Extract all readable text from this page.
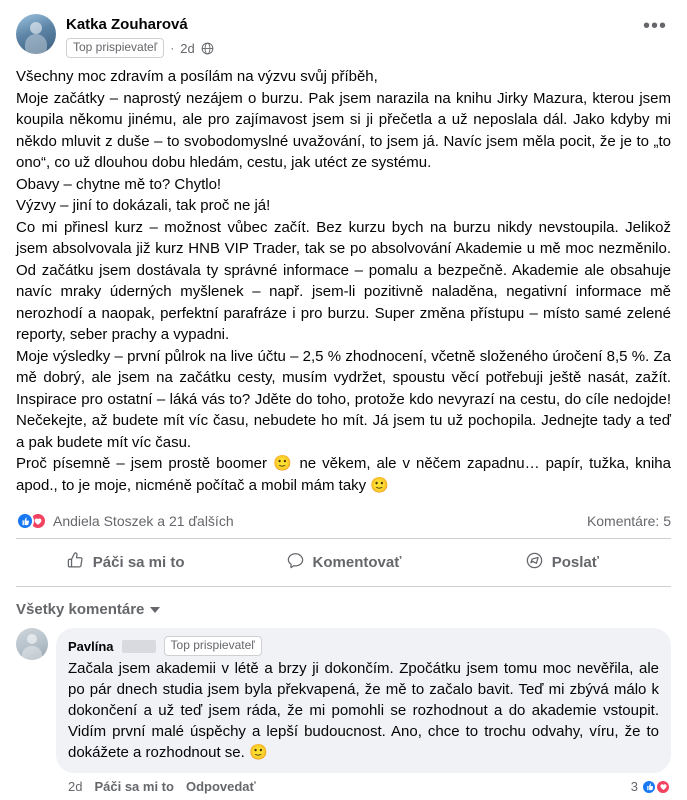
Katka Zouharová
Top prispievateľ	· 2d
•••

Všechny moc zdravím a posílám na výzvu svůj příběh,

Moje začátky – naprostý nezájem o burzu. Pak jsem narazila na knihu Jirky Mazura, kterou jsem koupila někomu jinému, ale pro zajímavost jsem si ji přečetla a už neposlala dál. Jako kdyby mi někdo mluvit z duše – to svobodomyslné uvažování, to jsem já. Navíc jsem měla pocit, že je to „to ono“, co už dlouhou dobu hledám, cestu, jak utéct ze systému.

Obavy – chytne mě to? Chytlo!

Výzvy – jiní to dokázali, tak proč ne já!

Co mi přinesl kurz – možnost vůbec začít. Bez kurzu bych na burzu nikdy nevstoupila. Jelikož jsem absolvovala již kurz HNB VIP Trader, tak se po absolvování Akademie u mě moc nezměnilo. Od začátku jsem dostávala ty správné informace – pomalu a bezpečně. Akademie ale obsahuje navíc mraky úderných myšlenek – např. jsem-li pozitivně naladěna, negativní informace mě nerozhodí a naopak, perfektní parafráze i pro burzu. Super změna přístupu – místo samé zelené reporty, seber prachy a vypadni.

Moje výsledky – první půlrok na live účtu – 2,5 % zhodnocení, včetně složeného úročení 8,5 %. Za mě dobrý, ale jsem na začátku cesty, musím vydržet, spoustu věcí potřebuji ještě nasát, zažít. Inspirace pro ostatní – láká vás to? Jděte do toho, protože kdo nevyrazí na cestu, do cíle nedojde! Nečekejte, až budete mít víc času, nebudete ho mít. Já jsem tu už pochopila. Jednejte tady a teď a pak budete mít víc času.

Proč písemně – jsem prostě boomer 🙂 ne věkem, ale v něčem zapadnu… papír, tužka, kniha apod., to je moje, nicméně počítač a mobil mám taky 🙂

Andiela Stoszek a 21 ďalších	Komentáre: 5
Páči sa mi to	Komentovať	Poslať
Všetky komentáre
Pavlína	Top prispievateľ
Začala jsem akademii v létě a brzy ji dokončím. Zpočátku jsem tomu moc nevěřila, ale po pár dnech studia jsem byla překvapená, že mě to začalo bavit. Teď mi zbývá málo k dokončení a už teď jsem ráda, že mi pomohli se rozhodnout a do akademie vstoupit. Vidím první malé úspěchy a lepší budoucnost. Ano, chce to trochu odvahy, víru, že to dokážete a rozhodnout se. 🙂
2d Páči sa mi to Odpovedať	3
